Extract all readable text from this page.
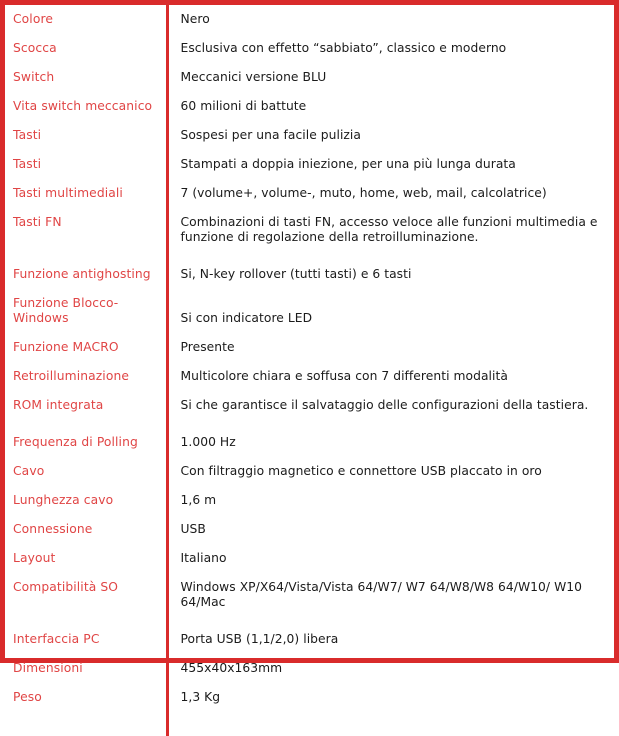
Colore	Nero
Scocca	Esclusiva con effetto “sabbiato”, classico e moderno
Switch	Meccanici versione BLU
Vita switch meccanico	60 milioni di battute
Tasti	Sospesi per una facile pulizia
Tasti	Stampati a doppia iniezione, per una più lunga durata
Tasti multimediali	7 (volume+, volume-, muto, home, web, mail, calcolatrice)
Tasti FN	Combinazioni di tasti FN, accesso veloce alle funzioni multimedia e funzione di regolazione della retroilluminazione.
Funzione antighosting	Si, N-key rollover (tutti tasti) e 6 tasti
Funzione Blocco-Windows	Si con indicatore LED
Funzione MACRO	Presente
Retroilluminazione	Multicolore chiara e soffusa con 7 differenti modalità
ROM integrata	Si che garantisce il salvataggio delle configurazioni della tastiera.
Frequenza di Polling	1.000 Hz
Cavo	Con filtraggio magnetico e connettore USB placcato in oro
Lunghezza cavo	1,6 m
Connessione	USB
Layout	Italiano
Compatibilità SO	Windows XP/X64/Vista/Vista 64/W7/ W7 64/W8/W8 64/W10/ W10 64/Mac
Interfaccia PC	Porta USB (1,1/2,0) libera
Dimensioni	455x40x163mm
Peso	1,3 Kg
